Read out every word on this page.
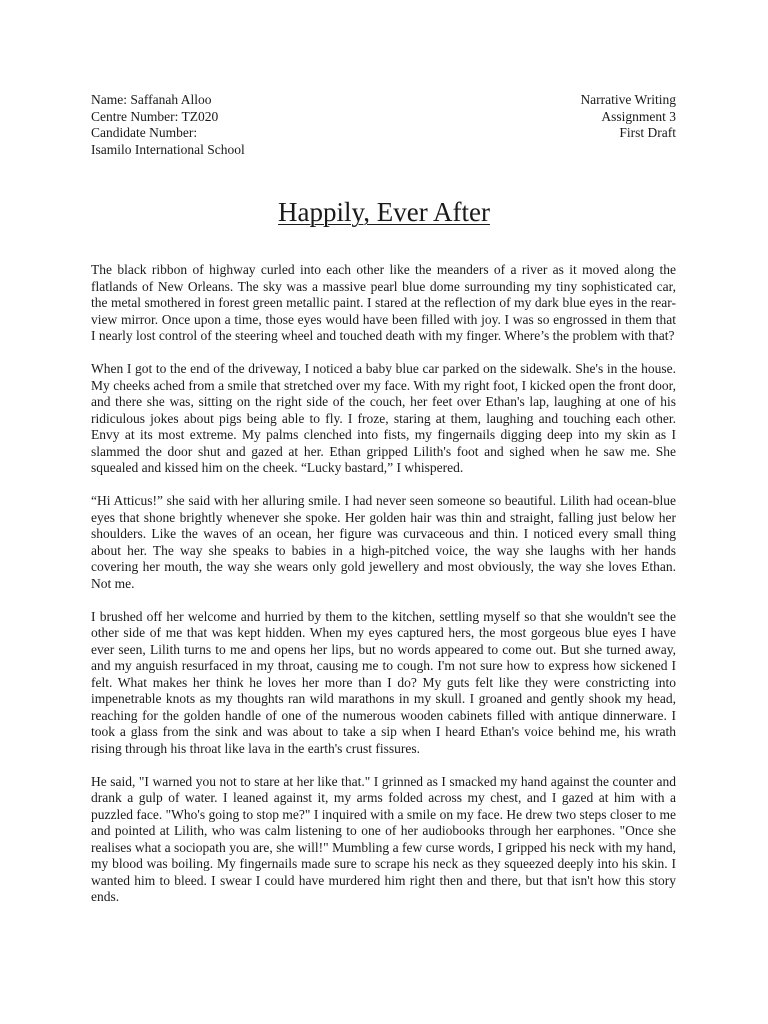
Name: Saffanah Alloo
Centre Number: TZ020
Candidate Number:
Isamilo International School
Narrative Writing
Assignment 3
First Draft
Happily, Ever After

The black ribbon of highway curled into each other like the meanders of a river as it moved along the flatlands of New Orleans. The sky was a massive pearl blue dome surrounding my tiny sophisticated car, the metal smothered in forest green metallic paint. I stared at the reflection of my dark blue eyes in the rear-view mirror. Once upon a time, those eyes would have been filled with joy. I was so engrossed in them that I nearly lost control of the steering wheel and touched death with my finger. Where’s the problem with that?

When I got to the end of the driveway, I noticed a baby blue car parked on the sidewalk. She's in the house. My cheeks ached from a smile that stretched over my face. With my right foot, I kicked open the front door, and there she was, sitting on the right side of the couch, her feet over Ethan's lap, laughing at one of his ridiculous jokes about pigs being able to fly. I froze, staring at them, laughing and touching each other. Envy at its most extreme. My palms clenched into fists, my fingernails digging deep into my skin as I slammed the door shut and gazed at her. Ethan gripped Lilith's foot and sighed when he saw me. She squealed and kissed him on the cheek. “Lucky bastard,” I whispered.

“Hi Atticus!” she said with her alluring smile. I had never seen someone so beautiful. Lilith had ocean-blue eyes that shone brightly whenever she spoke. Her golden hair was thin and straight, falling just below her shoulders. Like the waves of an ocean, her figure was curvaceous and thin. I noticed every small thing about her. The way she speaks to babies in a high-pitched voice, the way she laughs with her hands covering her mouth, the way she wears only gold jewellery and most obviously, the way she loves Ethan. Not me.

I brushed off her welcome and hurried by them to the kitchen, settling myself so that she wouldn't see the other side of me that was kept hidden. When my eyes captured hers, the most gorgeous blue eyes I have ever seen, Lilith turns to me and opens her lips, but no words appeared to come out. But she turned away, and my anguish resurfaced in my throat, causing me to cough. I'm not sure how to express how sickened I felt. What makes her think he loves her more than I do? My guts felt like they were constricting into impenetrable knots as my thoughts ran wild marathons in my skull. I groaned and gently shook my head, reaching for the golden handle of one of the numerous wooden cabinets filled with antique dinnerware. I took a glass from the sink and was about to take a sip when I heard Ethan's voice behind me, his wrath rising through his throat like lava in the earth's crust fissures.

He said, "I warned you not to stare at her like that." I grinned as I smacked my hand against the counter and drank a gulp of water. I leaned against it, my arms folded across my chest, and I gazed at him with a puzzled face. "Who's going to stop me?" I inquired with a smile on my face. He drew two steps closer to me and pointed at Lilith, who was calm listening to one of her audiobooks through her earphones. "Once she realises what a sociopath you are, she will!" Mumbling a few curse words, I gripped his neck with my hand, my blood was boiling. My fingernails made sure to scrape his neck as they squeezed deeply into his skin. I wanted him to bleed. I swear I could have murdered him right then and there, but that isn't how this story ends.
